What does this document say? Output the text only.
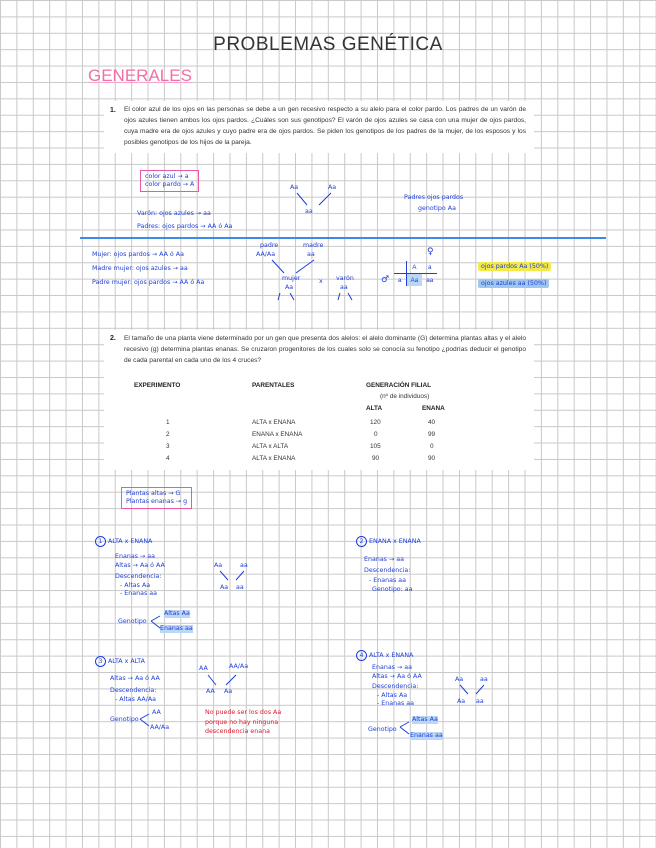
PROBLEMAS GENÉTICA
GENERALES
1. El color azul de los ojos en las personas se debe a un gen recesivo respecto a su alelo para el color pardo. Los padres de un varón de ojos azules tienen ambos los ojos pardos. ¿Cuáles son sus genotipos? El varón de ojos azules se casa con una mujer de ojos pardos, cuya madre era de ojos azules y cuyo padre era de ojos pardos. Se piden los genotipos de los padres de la mujer, de los esposos y los posibles genotipos de los hijos de la pareja.
color azul → a
color pardo → A
Varón: ojos azules → aa
Padres: ojos pardos → AA ó Aa
Aa	Aa
aa
Padres ojos pardos
genotipo Aa
Mujer: ojos pardos → AA ó Aa
Madre mujer: ojos azules → aa
Padre mujer: ojos pardos → AA ó Aa
padre
AA/Aa
madre
aa
mujer
Aa
x varón
aa
♀
♂
	A	a
a	Aa	aa
ojos pardos Aa (50%)
ojos azules aa (50%)
2. El tamaño de una planta viene determinado por un gen que presenta dos alelos: el alelo dominante (G) determina plantas altas y el alelo recesivo (g) determina plantas enanas. Se cruzaron progenitores de los cuales solo se conocía su fenotipo ¿podrías deducir el genotipo de cada parental en cada uno de los 4 cruces?
EXPERIMENTO	PARENTALES	GENERACIÓN FILIAL
(nº de individuos)
ALTA	ENANA
1	ALTA x ENANA	120	40
2	ENANA x ENANA	0	99
3	ALTA x ALTA	105	0
4	ALTA x ENANA	90	90
Plantas altas → G
Plantas enanas → g
1 ALTA x ENANA
Enanas → aa
Altas → Aa ó AA
Descendencia:
- Altas Aa
- Enanas aa
Genotipo
Altas Aa
Enanas aa
Aa	aa
Aa aa
2 ENANA x ENANA
Enanas → aa
Descendencia:
- Enanas aa
Genotipo: aa
3 ALTA x ALTA
Altas → Aa ó AA
Descendencia:
- Altas AA/Aa
Genotipo
AA
AA/Aa
AA	AA/Aa
AA Aa
No puede ser los dos Aa
porque no hay ninguna
descendencia enana
4 ALTA x ENANA
Enanas → aa
Altas → Aa ó AA
Descendencia:
- Altas Aa
- Enanas aa
Genotipo
Altas Aa
Enanas aa
Aa	aa
Aa aa
